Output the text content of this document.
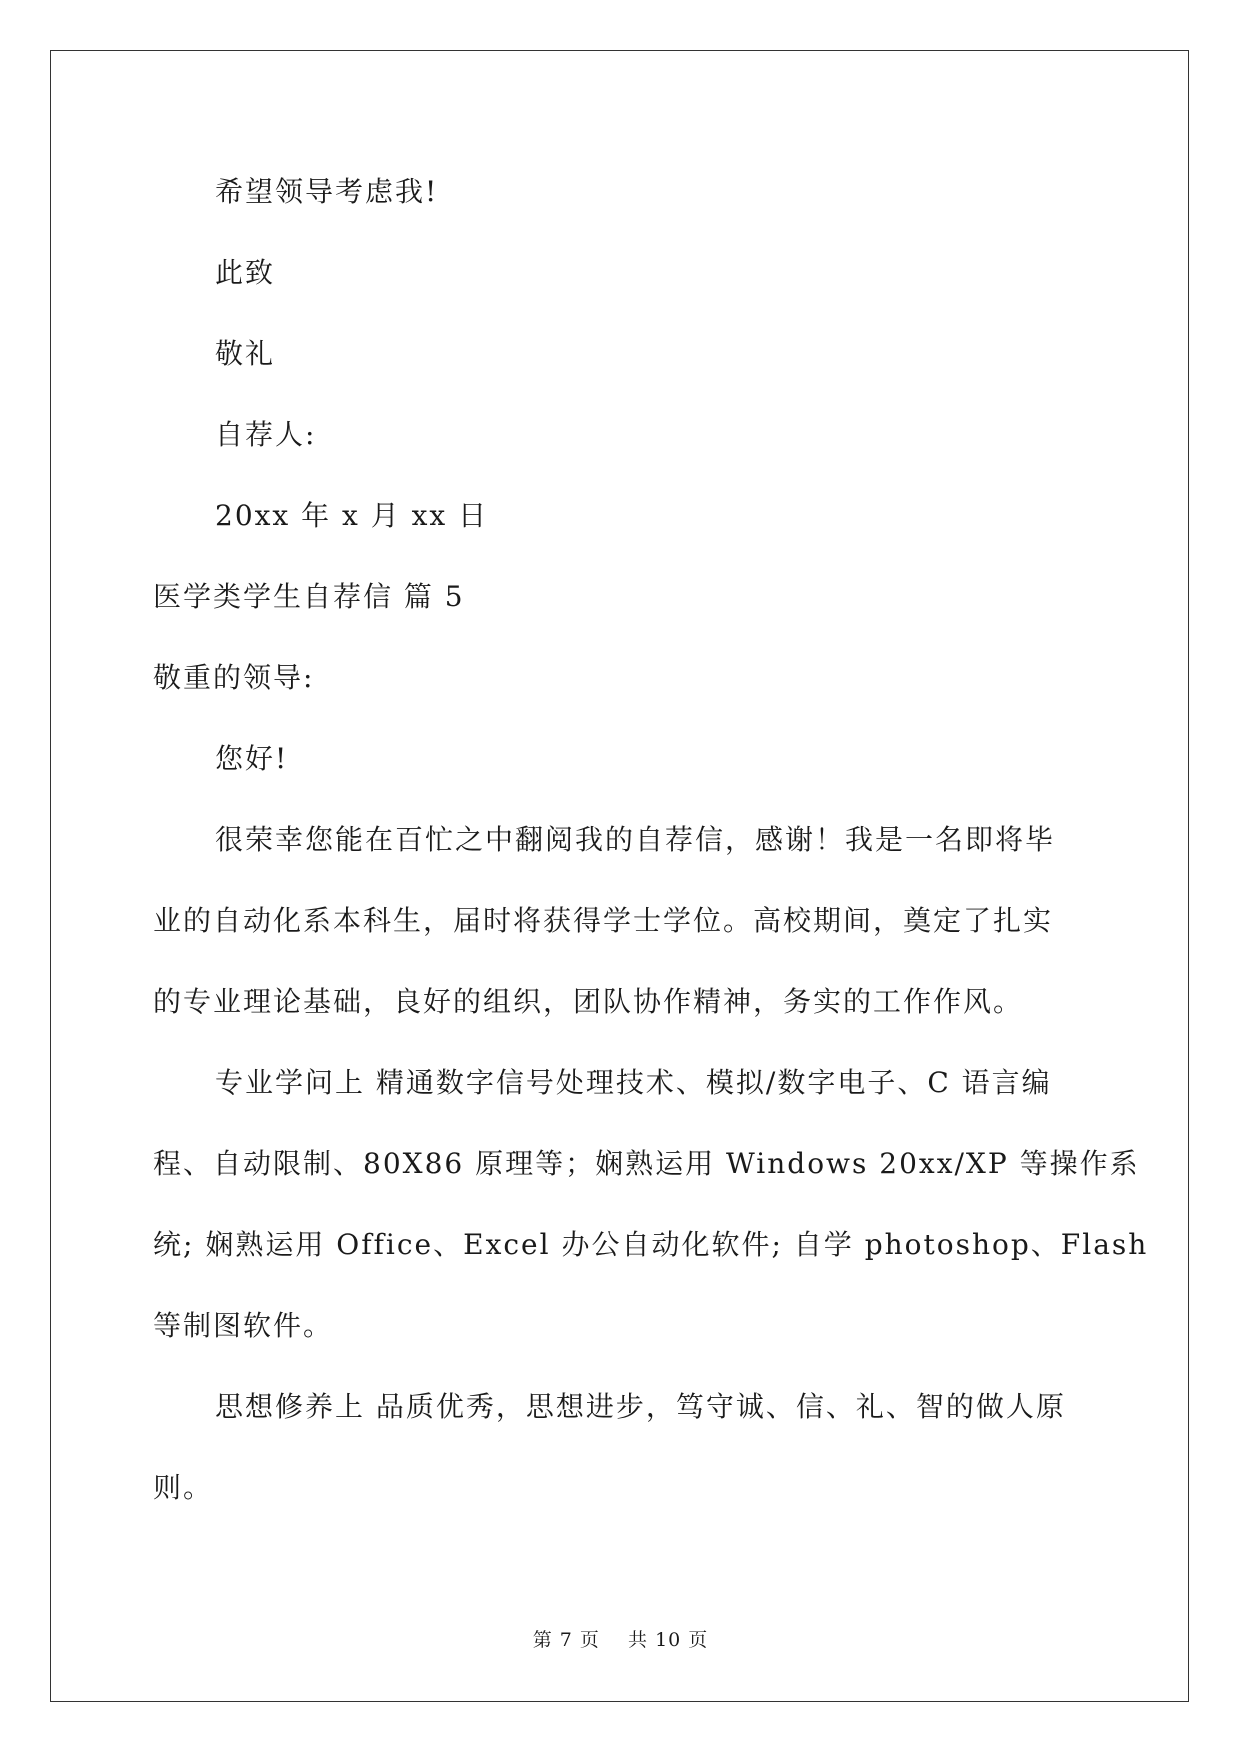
希望领导考虑我!
此致
敬礼
自荐人:
20xx 年 x 月 xx 日
医学类学生自荐信 篇 5
敬重的领导:
您好!
很荣幸您能在百忙之中翻阅我的自荐信，感谢！我是一名即将毕
业的自动化系本科生，届时将获得学士学位。高校期间，奠定了扎实
的专业理论基础，良好的组织，团队协作精神，务实的工作作风。
专业学问上 精通数字信号处理技术、模拟/数字电子、C 语言编
程、自动限制、80X86 原理等；娴熟运用 Windows 20xx/XP 等操作系
统; 娴熟运用 Office、Excel 办公自动化软件; 自学 photoshop、Flash
等制图软件。
思想修养上 品质优秀，思想进步，笃守诚、信、礼、智的做人原
则。
第 7 页    共 10 页
